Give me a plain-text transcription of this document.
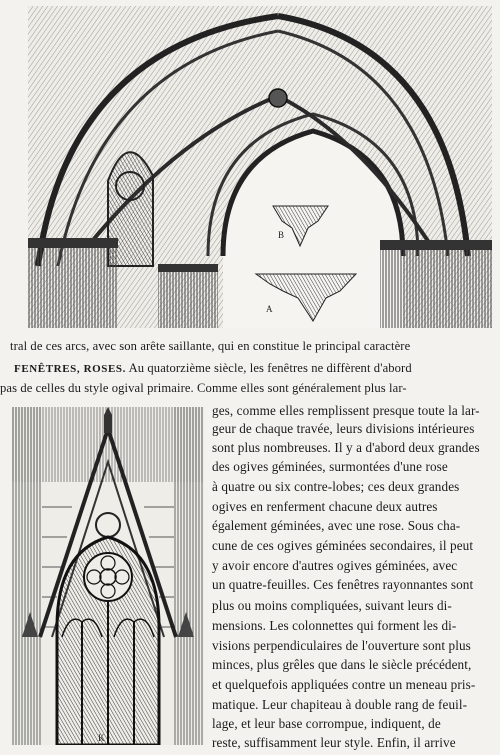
B
A
tral de ces arcs, avec son arête saillante, qui en constitue le principal caractère
FENÊTRES, ROSES. Au quatorzième siècle, les fenêtres ne diffèrent d'abord
pas de celles du style ogival primaire. Comme elles sont généralement plus lar-
K
ges, comme elles remplissent presque toute la lar-
geur de chaque travée, leurs divisions intérieures
sont plus nombreuses. Il y a d'abord deux grandes
des ogives géminées, surmontées d'une rose
à quatre ou six contre-lobes; ces deux grandes
ogives en renferment chacune deux autres
également géminées, avec une rose. Sous cha-
cune de ces ogives géminées secondaires, il peut
y avoir encore d'autres ogives géminées, avec
un quatre-feuilles. Ces fenêtres rayonnantes sont
plus ou moins compliquées, suivant leurs di-
mensions. Les colonnettes qui forment les di-
visions perpendiculaires de l'ouverture sont plus
minces, plus grêles que dans le siècle précédent,
et quelquefois appliquées contre un meneau pris-
matique. Leur chapiteau à double rang de feuil-
lage, et leur base corrompue, indiquent, de
reste, suffisamment leur style. Enfin, il arrive
